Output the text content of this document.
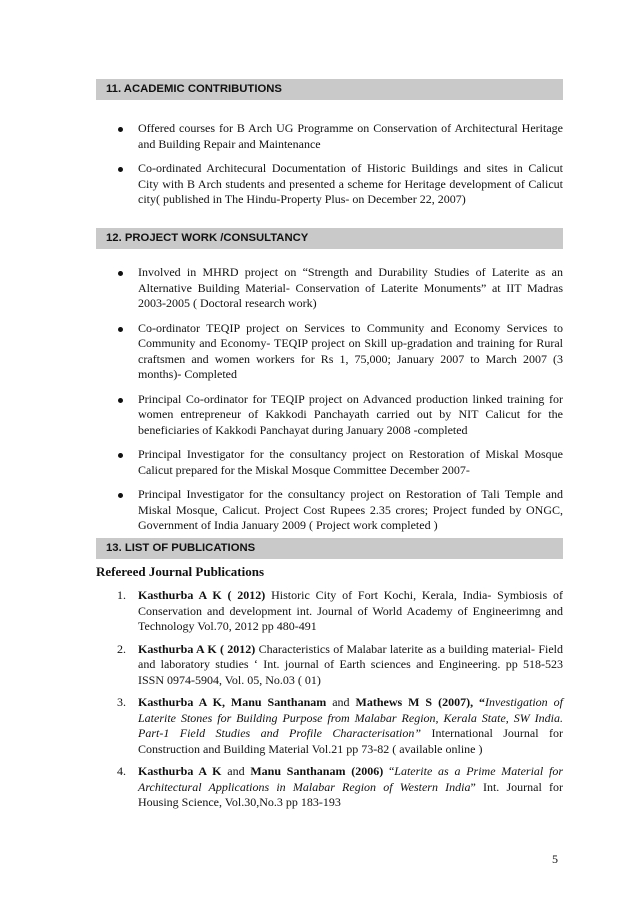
11. ACADEMIC CONTRIBUTIONS
Offered courses for B Arch UG Programme on Conservation of Architectural Heritage and Building Repair and Maintenance
Co-ordinated Architecural Documentation of Historic Buildings and sites in Calicut City with B Arch students and presented a scheme for Heritage development of Calicut city( published in The Hindu-Property Plus- on December 22, 2007)
12. PROJECT WORK /CONSULTANCY
Involved in MHRD project on “Strength and Durability Studies of Laterite as an Alternative Building Material- Conservation of Laterite Monuments” at IIT Madras 2003-2005 ( Doctoral research work)
Co-ordinator TEQIP project on Services to Community and Economy Services to Community and Economy- TEQIP project on Skill up-gradation and training for Rural craftsmen and women workers for Rs 1, 75,000; January 2007 to March 2007 (3 months)- Completed
Principal Co-ordinator for TEQIP project on Advanced production linked training for women entrepreneur of Kakkodi Panchayath carried out by NIT Calicut for the beneficiaries of Kakkodi Panchayat during January 2008 -completed
Principal Investigator for the consultancy project on Restoration of Miskal Mosque Calicut prepared for the Miskal Mosque Committee December 2007-
Principal Investigator for the consultancy project on Restoration of Tali Temple and Miskal Mosque, Calicut. Project Cost Rupees 2.35 crores; Project funded by ONGC, Government of India January 2009 ( Project work completed )
13. LIST OF PUBLICATIONS
Refereed Journal Publications
1. Kasthurba A K ( 2012) Historic City of Fort Kochi, Kerala, India- Symbiosis of Conservation and development int. Journal of World Academy of Engineerimng and Technology Vol.70, 2012 pp 480-491
2. Kasthurba A K ( 2012) Characteristics of Malabar laterite as a building material- Field and laboratory studies ‘ Int. journal of Earth sciences and Engineering. pp 518-523 ISSN 0974-5904, Vol. 05, No.03 ( 01)
3. Kasthurba A K, Manu Santhanam and Mathews M S (2007), “Investigation of Laterite Stones for Building Purpose from Malabar Region, Kerala State, SW India. Part-1 Field Studies and Profile Characterisation” International Journal for Construction and Building Material Vol.21 pp 73-82 ( available online )
4. Kasthurba A K and Manu Santhanam (2006) “Laterite as a Prime Material for Architectural Applications in Malabar Region of Western India” Int. Journal for Housing Science, Vol.30,No.3 pp 183-193
5
